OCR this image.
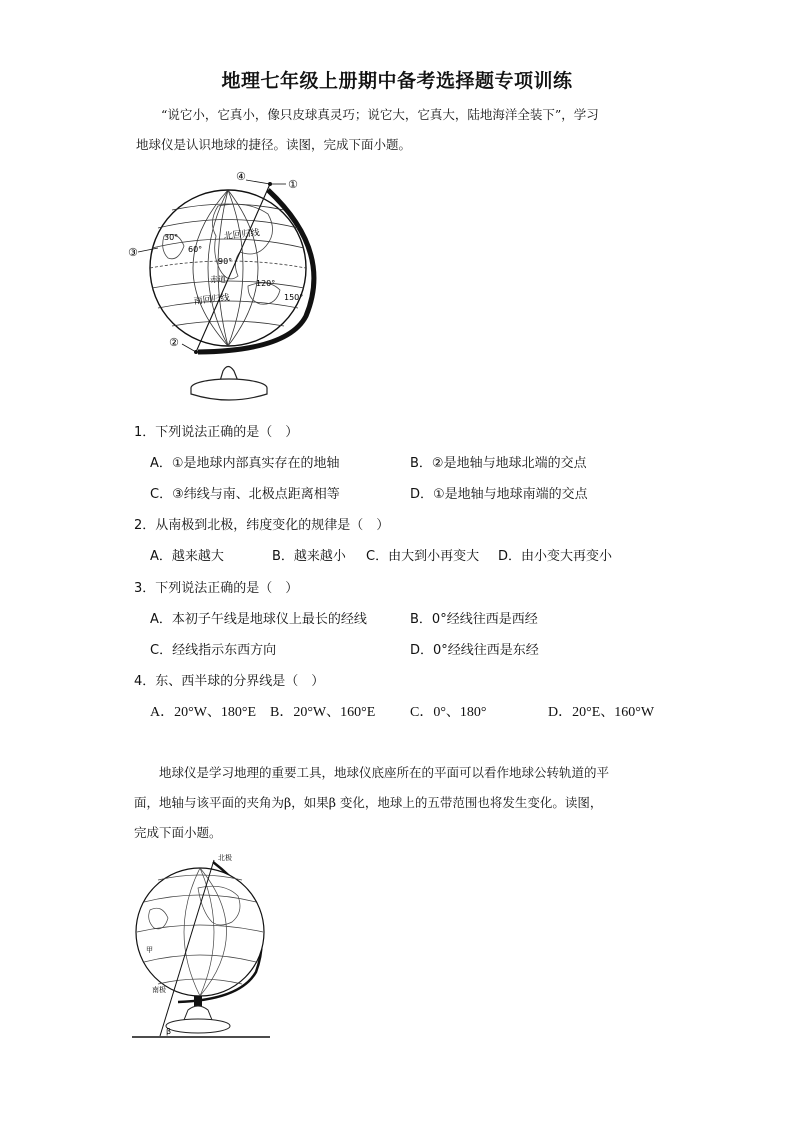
地理七年级上册期中备考选择题专项训练

“说它小，它真小，像只皮球真灵巧；说它大，它真大，陆地海洋全装下”，学习

地球仪是认识地球的捷径。读图，完成下面小题。

①
②
③
④
30°
60°
90°
120°
150°
北回归线
赤道
南回归线
1．下列说法正确的是（　）
A．①是地球内部真实存在的地轴	B．②是地轴与地球北端的交点
C．③纬线与南、北极点距离相等	D．①是地轴与地球南端的交点
2．从南极到北极，纬度变化的规律是（　）
A．越来越大	B．越来越小 C．由大到小再变大 D．由小变大再变小
3．下列说法正确的是（　）
A．本初子午线是地球仪上最长的经线	B．0°经线往西是西经
C．经线指示东西方向	D．0°经线往西是东经
4．东、西半球的分界线是（　）
A．20°W、180°E B．20°W、160°E C．0°、180°	D．20°E、160°W

地球仪是学习地理的重要工具，地球仪底座所在的平面可以看作地球公转轨道的平

面，地轴与该平面的夹角为β，如果β 变化，地球上的五带范围也将发生变化。读图，

完成下面小题。

北极
南极
甲
β
